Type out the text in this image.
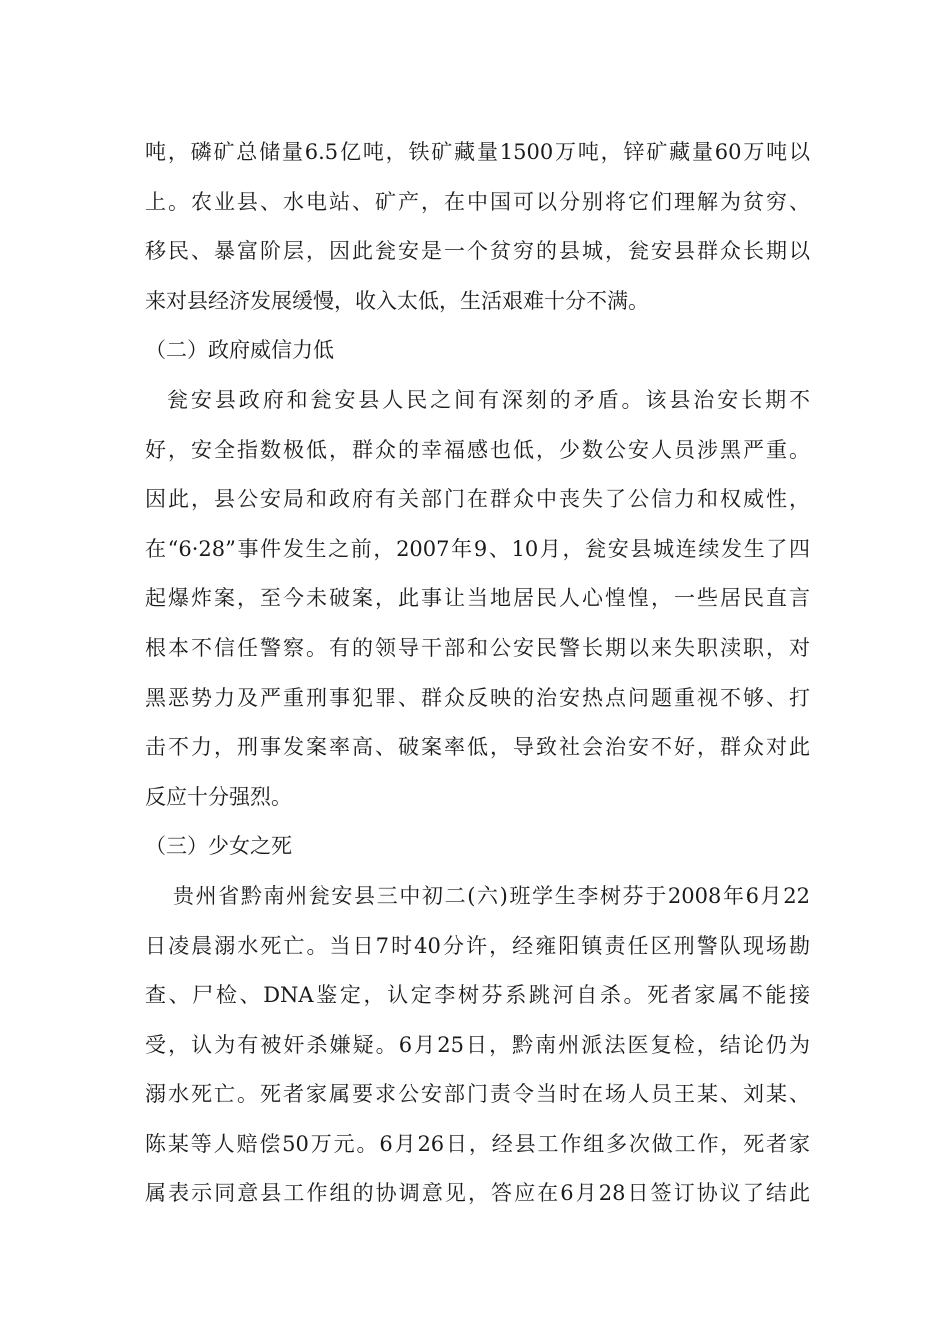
吨，磷矿总储量6.5亿吨，铁矿藏量1500万吨，锌矿藏量60万吨以
上。农业县、水电站、矿产，在中国可以分别将它们理解为贫穷、
移民、暴富阶层，因此瓮安是一个贫穷的县城，瓮安县群众长期以
来对县经济发展缓慢，收入太低，生活艰难十分不满。
（二）政府威信力低
瓮安县政府和瓮安县人民之间有深刻的矛盾。该县治安长期不
好，安全指数极低，群众的幸福感也低，少数公安人员涉黑严重。
因此，县公安局和政府有关部门在群众中丧失了公信力和权威性，
在“6·28”事件发生之前，2007年9、10月，瓮安县城连续发生了四
起爆炸案，至今未破案，此事让当地居民人心惶惶，一些居民直言
根本不信任警察。有的领导干部和公安民警长期以来失职渎职，对
黑恶势力及严重刑事犯罪、群众反映的治安热点问题重视不够、打
击不力，刑事发案率高、破案率低，导致社会治安不好，群众对此
反应十分强烈。
（三）少女之死
贵州省黔南州瓮安县三中初二(六)班学生李树芬于2008年6月22
日凌晨溺水死亡。当日7时40分许，经雍阳镇责任区刑警队现场勘
查、尸检、DNA鉴定，认定李树芬系跳河自杀。死者家属不能接
受，认为有被奸杀嫌疑。6月25日，黔南州派法医复检，结论仍为
溺水死亡。死者家属要求公安部门责令当时在场人员王某、刘某、
陈某等人赔偿50万元。6月26日，经县工作组多次做工作，死者家
属表示同意县工作组的协调意见，答应在6月28日签订协议了结此
